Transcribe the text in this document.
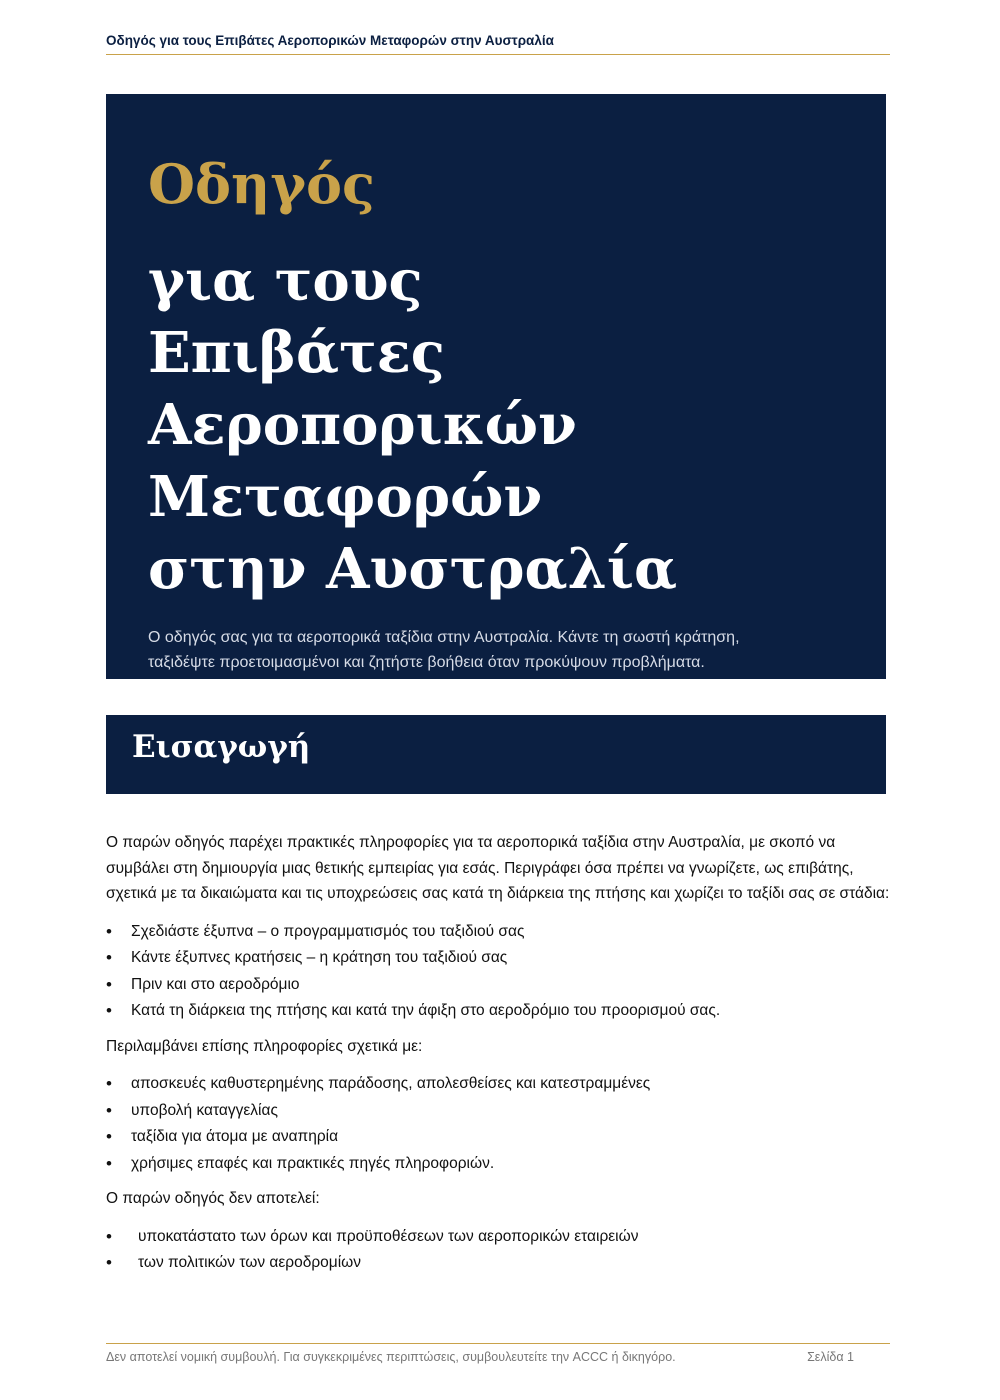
Οδηγός για τους Επιβάτες Αεροπορικών Μεταφορών στην Αυστραλία
Οδηγός
για τους Επιβάτες Αεροπορικών Μεταφορών στην Αυστραλία
Ο οδηγός σας για τα αεροπορικά ταξίδια στην Αυστραλία. Κάντε τη σωστή κράτηση, ταξιδέψτε προετοιμασμένοι και ζητήστε βοήθεια όταν προκύψουν προβλήματα.
Εισαγωγή

Ο παρών οδηγός παρέχει πρακτικές πληροφορίες για τα αεροπορικά ταξίδια στην Αυστραλία, με σκοπό να συμβάλει στη δημιουργία μιας θετικής εμπειρίας για εσάς. Περιγράφει όσα πρέπει να γνωρίζετε, ως επιβάτης, σχετικά με τα δικαιώματα και τις υποχρεώσεις σας κατά τη διάρκεια της πτήσης και χωρίζει το ταξίδι σας σε στάδια:

• Σχεδιάστε έξυπνα – ο προγραμματισμός του ταξιδιού σας
• Κάντε έξυπνες κρατήσεις – η κράτηση του ταξιδιού σας
• Πριν και στο αεροδρόμιο
• Κατά τη διάρκεια της πτήσης και κατά την άφιξη στο αεροδρόμιο του προορισμού σας.

Περιλαμβάνει επίσης πληροφορίες σχετικά με:

• αποσκευές καθυστερημένης παράδοσης, απολεσθείσες και κατεστραμμένες
• υποβολή καταγγελίας
• ταξίδια για άτομα με αναπηρία
• χρήσιμες επαφές και πρακτικές πηγές πληροφοριών.

Ο παρών οδηγός δεν αποτελεί:

• υποκατάστατο των όρων και προϋποθέσεων των αεροπορικών εταιρειών
• των πολιτικών των αεροδρομίων
Δεν αποτελεί νομική συμβουλή. Για συγκεκριμένες περιπτώσεις, συμβουλευτείτε την ACCC ή δικηγόρο.	Σελίδα 1
